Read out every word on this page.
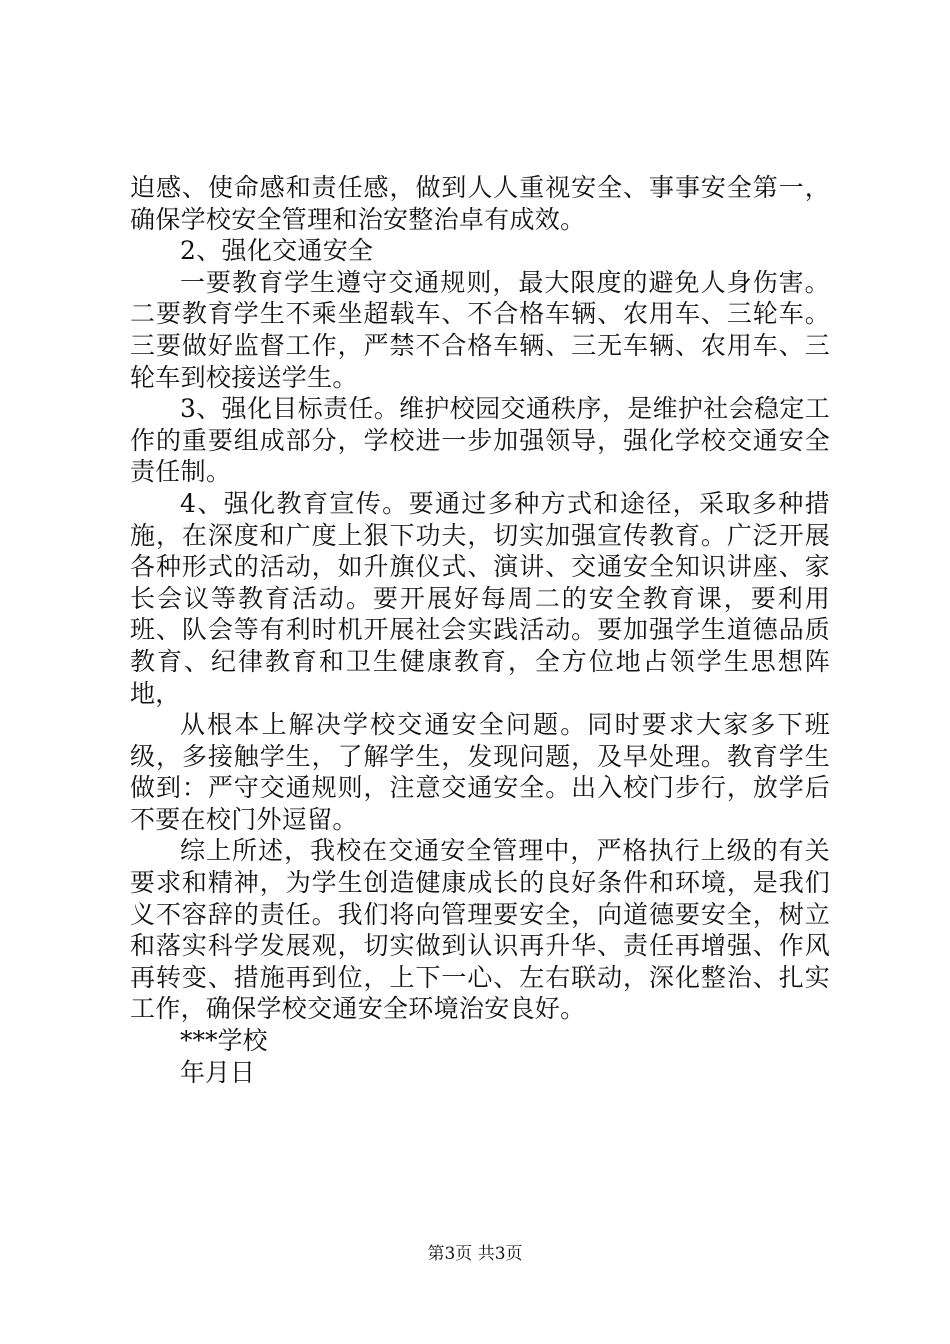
迫感、使命感和责任感，做到人人重视安全、事事安全第一，确保学校安全管理和治安整治卓有成效。

2、强化交通安全

一要教育学生遵守交通规则，最大限度的避免人身伤害。二要教育学生不乘坐超载车、不合格车辆、农用车、三轮车。三要做好监督工作，严禁不合格车辆、三无车辆、农用车、三轮车到校接送学生。

3、强化目标责任。维护校园交通秩序，是维护社会稳定工作的重要组成部分，学校进一步加强领导，强化学校交通安全责任制。

4、强化教育宣传。要通过多种方式和途径，采取多种措施，在深度和广度上狠下功夫，切实加强宣传教育。广泛开展各种形式的活动，如升旗仪式、演讲、交通安全知识讲座、家长会议等教育活动。要开展好每周二的安全教育课，要利用班、队会等有利时机开展社会实践活动。要加强学生道德品质教育、纪律教育和卫生健康教育，全方位地占领学生思想阵地，

从根本上解决学校交通安全问题。同时要求大家多下班级，多接触学生，了解学生，发现问题，及早处理。教育学生做到：严守交通规则，注意交通安全。出入校门步行，放学后不要在校门外逗留。

综上所述，我校在交通安全管理中，严格执行上级的有关要求和精神，为学生创造健康成长的良好条件和环境，是我们义不容辞的责任。我们将向管理要安全，向道德要安全，树立和落实科学发展观，切实做到认识再升华、责任再增强、作风再转变、措施再到位，上下一心、左右联动，深化整治、扎实工作，确保学校交通安全环境治安良好。

***学校

年月日

第3页 共3页
